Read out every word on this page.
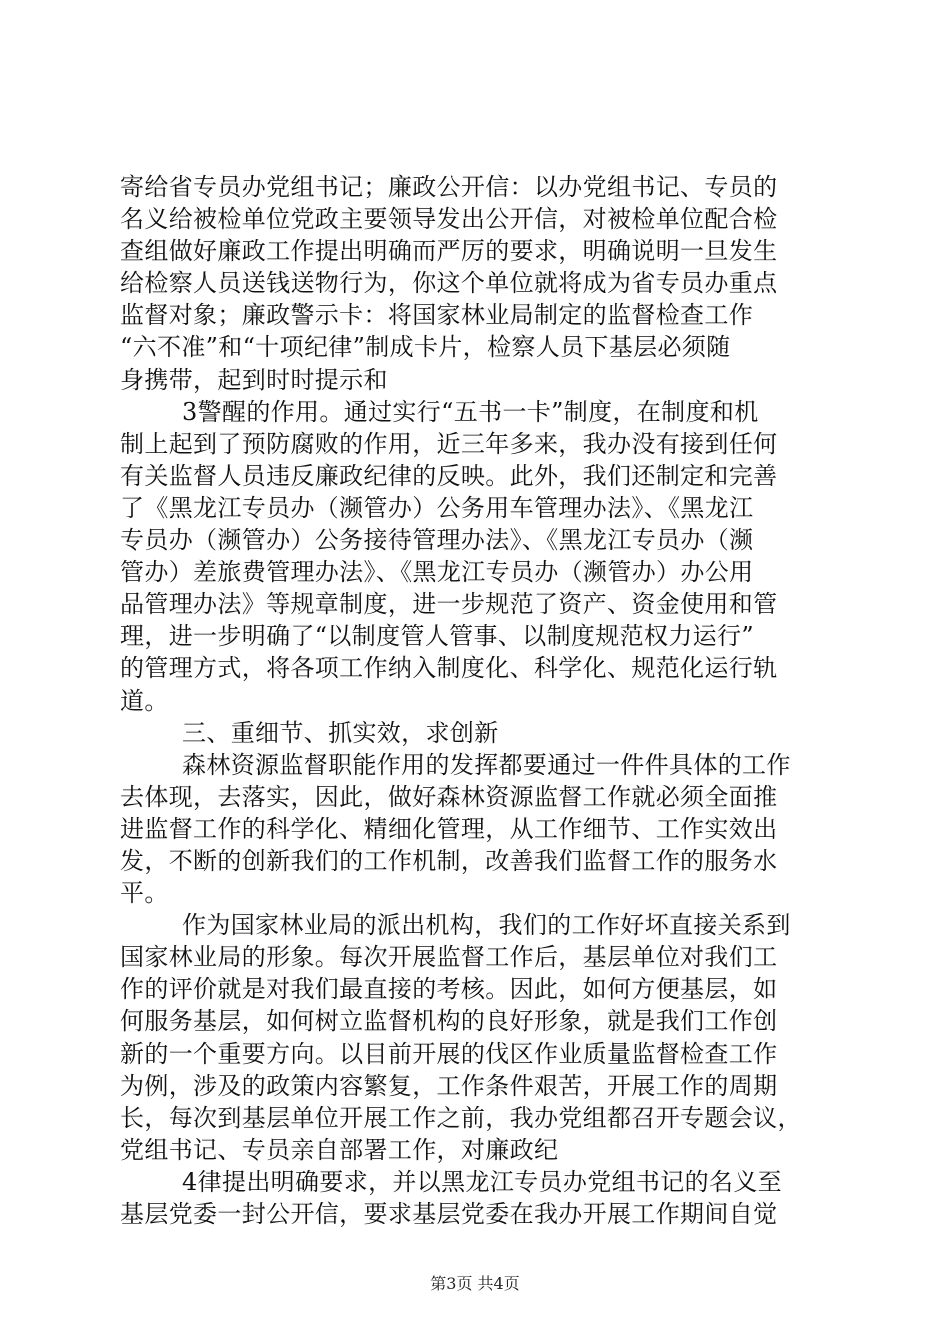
寄给省专员办党组书记；廉政公开信：以办党组书记、专员的
名义给被检单位党政主要领导发出公开信，对被检单位配合检
查组做好廉政工作提出明确而严厉的要求，明确说明一旦发生
给检察人员送钱送物行为，你这个单位就将成为省专员办重点
监督对象；廉政警示卡：将国家林业局制定的监督检查工作
“六不准”和“十项纪律”制成卡片，检察人员下基层必须随
身携带，起到时时提示和
3警醒的作用。通过实行“五书一卡”制度，在制度和机
制上起到了预防腐败的作用，近三年多来，我办没有接到任何
有关监督人员违反廉政纪律的反映。此外，我们还制定和完善
了《黑龙江专员办（濒管办）公务用车管理办法》、《黑龙江
专员办（濒管办）公务接待管理办法》、《黑龙江专员办（濒
管办）差旅费管理办法》、《黑龙江专员办（濒管办）办公用
品管理办法》等规章制度，进一步规范了资产、资金使用和管
理，进一步明确了“以制度管人管事、以制度规范权力运行”
的管理方式，将各项工作纳入制度化、科学化、规范化运行轨
道。
三、重细节、抓实效，求创新
森林资源监督职能作用的发挥都要通过一件件具体的工作
去体现，去落实，因此，做好森林资源监督工作就必须全面推
进监督工作的科学化、精细化管理，从工作细节、工作实效出
发，不断的创新我们的工作机制，改善我们监督工作的服务水
平。
作为国家林业局的派出机构，我们的工作好坏直接关系到
国家林业局的形象。每次开展监督工作后，基层单位对我们工
作的评价就是对我们最直接的考核。因此，如何方便基层，如
何服务基层，如何树立监督机构的良好形象，就是我们工作创
新的一个重要方向。以目前开展的伐区作业质量监督检查工作
为例，涉及的政策内容繁复，工作条件艰苦，开展工作的周期
长，每次到基层单位开展工作之前，我办党组都召开专题会议，
党组书记、专员亲自部署工作，对廉政纪
4律提出明确要求，并以黑龙江专员办党组书记的名义至
基层党委一封公开信，要求基层党委在我办开展工作期间自觉
第3页 共4页
